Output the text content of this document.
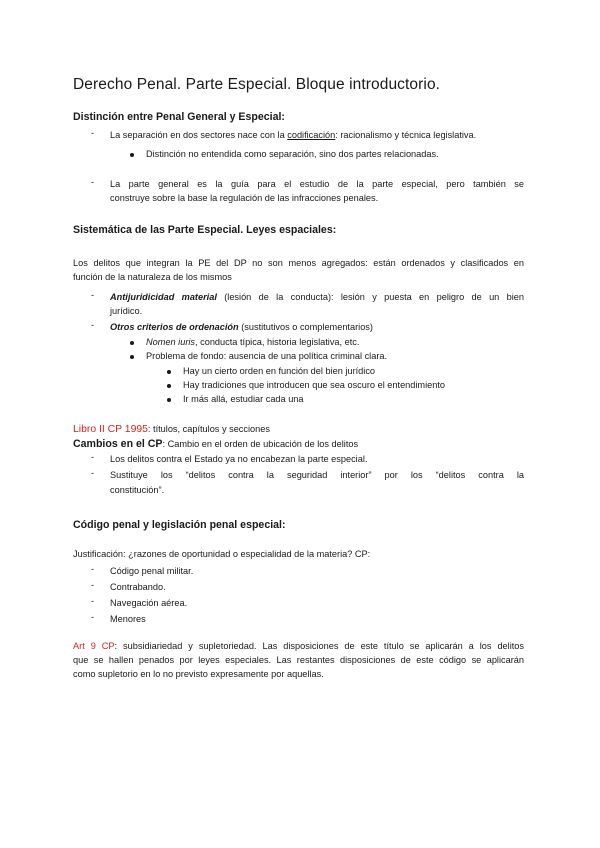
Derecho Penal. Parte Especial. Bloque introductorio.
Distinción entre Penal General y Especial:
- La separación en dos sectores nace con la codificación: racionalismo y técnica legislativa.
Distinción no entendida como separación, sino dos partes relacionadas.
- La parte general es la guía para el estudio de la parte especial, pero también se
construye sobre la base la regulación de las infracciones penales.
Sistemática de las Parte Especial. Leyes espaciales:
Los delitos que integran la PE del DP no son menos agregados: están ordenados y clasificados en
función de la naturaleza de los mismos
- Antijuridicidad material (lesión de la conducta): lesión y puesta en peligro de un bien
jurídico.
- Otros criterios de ordenación (sustitutivos o complementarios)
Nomen iuris, conducta típica, historia legislativa, etc.
Problema de fondo: ausencia de una política criminal clara.
Hay un cierto orden en función del bien jurídico
Hay tradiciones que introducen que sea oscuro el entendimiento
Ir más allá, estudiar cada una
Libro II CP 1995: títulos, capítulos y secciones
Cambios en el CP: Cambio en el orden de ubicación de los delitos
- Los delitos contra el Estado ya no encabezan la parte especial.
- Sustituye los “delitos contra la seguridad interior” por los “delitos contra la
constitución”.
Código penal y legislación penal especial:
Justificación: ¿razones de oportunidad o especialidad de la materia? CP:
- Código penal militar.
- Contrabando.
- Navegación aérea.
- Menores
Art 9 CP: subsidiariedad y supletoriedad. Las disposiciones de este título se aplicarán a los delitos
que se hallen penados por leyes especiales. Las restantes disposiciones de este código se aplicarán
como supletorio en lo no previsto expresamente por aquellas.
